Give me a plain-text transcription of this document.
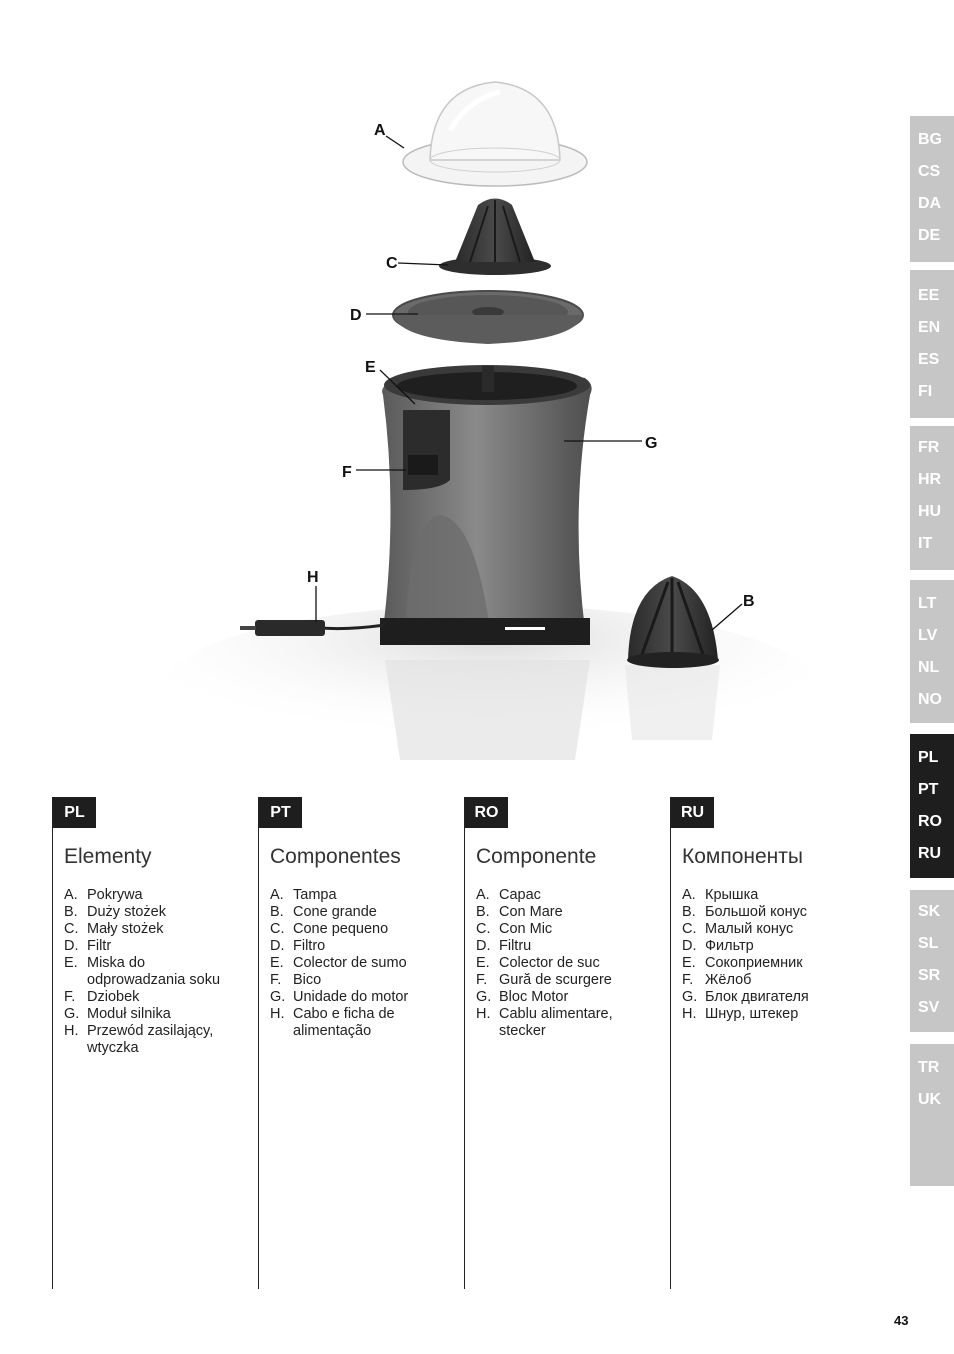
A
B
C
D
E
F
G
H
BG
CS
DA
DE
EE
EN
ES
FI
FR
HR
HU
IT
LT
LV
NL
NO
PL
PT
RO
RU
SK
SL
SR
SV
TR
UK
PL
Elementy
A. Pokrywa
B. Duży stożek
C. Mały stożek
D. Filtr
E. Miska do odprowadzania soku
F. Dziobek
G. Moduł silnika
H. Przewód zasilający, wtyczka
PT
Componentes
A. Tampa
B. Cone grande
C. Cone pequeno
D. Filtro
E. Colector de sumo
F. Bico
G. Unidade do motor
H. Cabo e ficha de alimentação
RO
Componente
A. Capac
B. Con Mare
C. Con Mic
D. Filtru
E. Colector de suc
F. Gură de scurgere
G. Bloc Motor
H. Cablu alimentare, stecker
RU
Компоненты
A. Крышка
B. Большой конус
C. Малый конус
D. Фильтр
E. Сокоприемник
F. Жёлоб
G. Блок двигателя
H. Шнур, штекер
43
